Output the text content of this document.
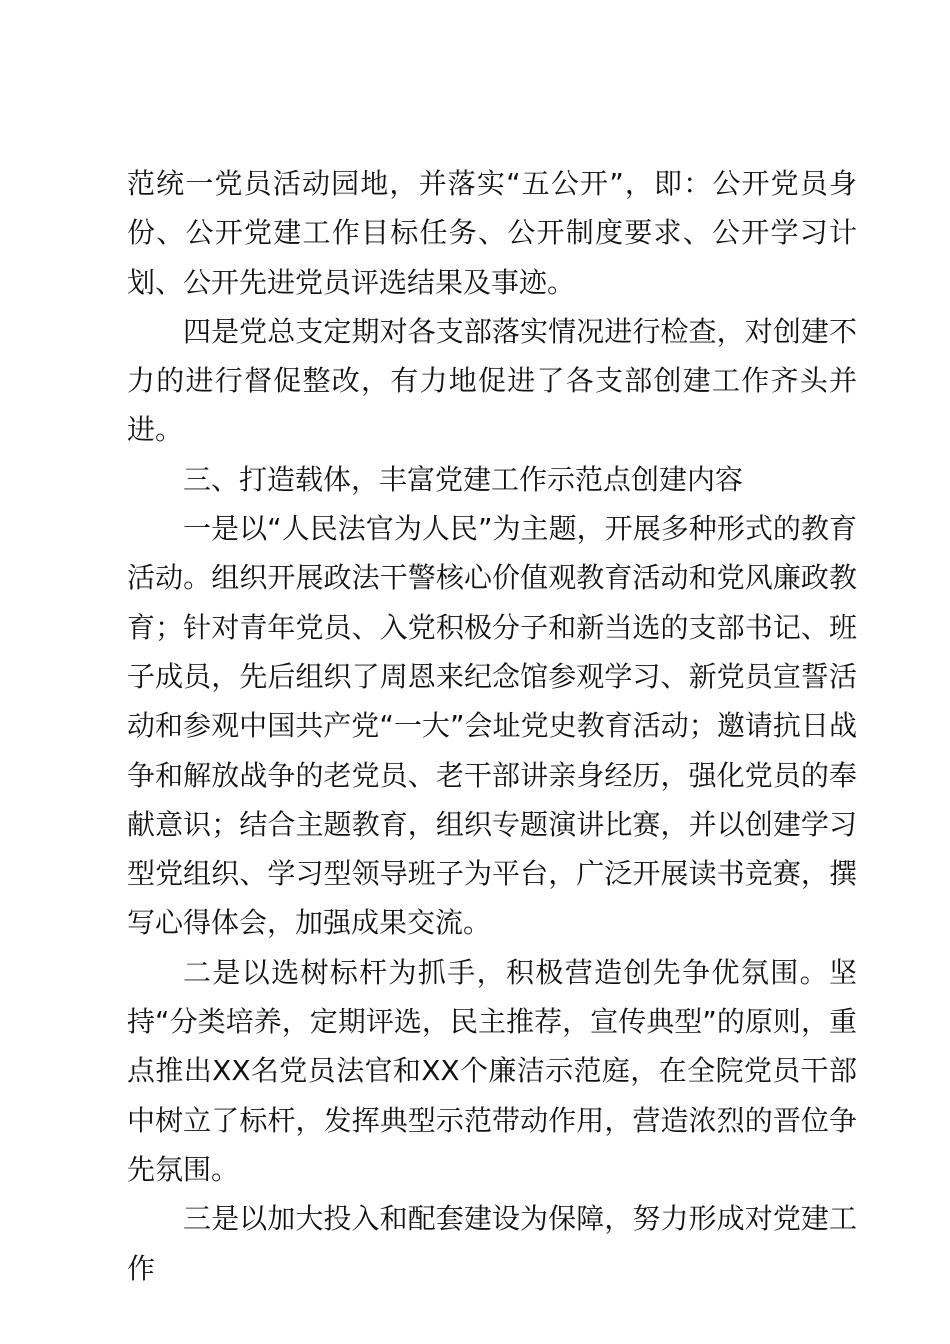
范统一党员活动园地，并落实“五公开”，即：公开党员身份、公开党建工作目标任务、公开制度要求、公开学习计划、公开先进党员评选结果及事迹。

四是党总支定期对各支部落实情况进行检查，对创建不力的进行督促整改，有力地促进了各支部创建工作齐头并进。

三、打造载体，丰富党建工作示范点创建内容

一是以“人民法官为人民”为主题，开展多种形式的教育活动。组织开展政法干警核心价值观教育活动和党风廉政教育；针对青年党员、入党积极分子和新当选的支部书记、班子成员，先后组织了周恩来纪念馆参观学习、新党员宣誓活动和参观中国共产党“一大”会址党史教育活动；邀请抗日战争和解放战争的老党员、老干部讲亲身经历，强化党员的奉献意识；结合主题教育，组织专题演讲比赛，并以创建学习型党组织、学习型领导班子为平台，广泛开展读书竞赛，撰写心得体会，加强成果交流。

二是以选树标杆为抓手，积极营造创先争优氛围。坚持“分类培养，定期评选，民主推荐，宣传典型”的原则，重点推出XX名党员法官和XX个廉洁示范庭，在全院党员干部中树立了标杆，发挥典型示范带动作用，营造浓烈的晋位争先氛围。

三是以加大投入和配套建设为保障，努力形成对党建工作
